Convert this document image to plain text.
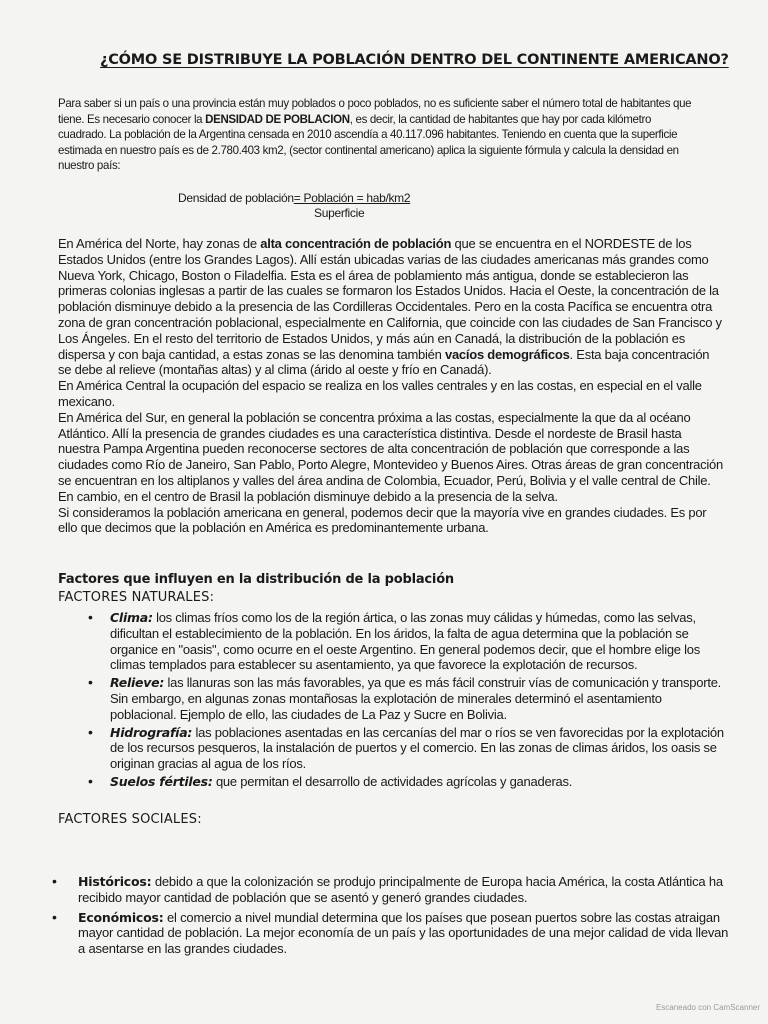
¿CÓMO SE DISTRIBUYE LA POBLACIÓN DENTRO DEL CONTINENTE AMERICANO?
Para saber si un país o una provincia están muy poblados o poco poblados, no es suficiente saber el número total de habitantes que tiene. Es necesario conocer la DENSIDAD DE POBLACION, es decir, la cantidad de habitantes que hay por cada kilómetro cuadrado. La población de la Argentina censada en 2010 ascendía a 40.117.096 habitantes. Teniendo en cuenta que la superficie estimada en nuestro país es de 2.780.403 km2, (sector continental americano) aplica la siguiente fórmula y calcula la densidad en nuestro país:
Densidad de población= Población = hab/km2
Superficie

En América del Norte, hay zonas de alta concentración de población que se encuentra en el NORDESTE de los Estados Unidos (entre los Grandes Lagos). Allí están ubicadas varias de las ciudades americanas más grandes como Nueva York, Chicago, Boston o Filadelfia. Esta es el área de poblamiento más antigua, donde se establecieron las primeras colonias inglesas a partir de las cuales se formaron los Estados Unidos. Hacia el Oeste, la concentración de la población disminuye debido a la presencia de las Cordilleras Occidentales. Pero en la costa Pacífica se encuentra otra zona de gran concentración poblacional, especialmente en California, que coincide con las ciudades de San Francisco y Los Ángeles. En el resto del territorio de Estados Unidos, y más aún en Canadá, la distribución de la población es dispersa y con baja cantidad, a estas zonas se las denomina también vacíos demográficos. Esta baja concentración se debe al relieve (montañas altas) y al clima (árido al oeste y frío en Canadá).

En América Central la ocupación del espacio se realiza en los valles centrales y en las costas, en especial en el valle mexicano.

En América del Sur, en general la población se concentra próxima a las costas, especialmente la que da al océano Atlántico. Allí la presencia de grandes ciudades es una característica distintiva. Desde el nordeste de Brasil hasta nuestra Pampa Argentina pueden reconocerse sectores de alta concentración de población que corresponde a las ciudades como Río de Janeiro, San Pablo, Porto Alegre, Montevideo y Buenos Aires. Otras áreas de gran concentración se encuentran en los altiplanos y valles del área andina de Colombia, Ecuador, Perú, Bolivia y el valle central de Chile. En cambio, en el centro de Brasil la población disminuye debido a la presencia de la selva.

Si consideramos la población americana en general, podemos decir que la mayoría vive en grandes ciudades. Es por ello que decimos que la población en América es predominantemente urbana.

Factores que influyen en la distribución de la población
FACTORES NATURALES:
• Clima: los climas fríos como los de la región ártica, o las zonas muy cálidas y húmedas, como las selvas, dificultan el establecimiento de la población. En los áridos, la falta de agua determina que la población se organice en "oasis", como ocurre en el oeste Argentino. En general podemos decir, que el hombre elige los climas templados para establecer su asentamiento, ya que favorece la explotación de recursos.
• Relieve: las llanuras son las más favorables, ya que es más fácil construir vías de comunicación y transporte. Sin embargo, en algunas zonas montañosas la explotación de minerales determinó el asentamiento poblacional. Ejemplo de ello, las ciudades de La Paz y Sucre en Bolivia.
• Hidrografía: las poblaciones asentadas en las cercanías del mar o ríos se ven favorecidas por la explotación de los recursos pesqueros, la instalación de puertos y el comercio. En las zonas de climas áridos, los oasis se originan gracias al agua de los ríos.
• Suelos fértiles: que permitan el desarrollo de actividades agrícolas y ganaderas.
FACTORES SOCIALES:
• Históricos: debido a que la colonización se produjo principalmente de Europa hacia América, la costa Atlántica ha recibido mayor cantidad de población que se asentó y generó grandes ciudades.
• Económicos: el comercio a nivel mundial determina que los países que posean puertos sobre las costas atraigan mayor cantidad de población. La mejor economía de un país y las oportunidades de una mejor calidad de vida llevan a asentarse en las grandes ciudades.
Escaneado con CamScanner
